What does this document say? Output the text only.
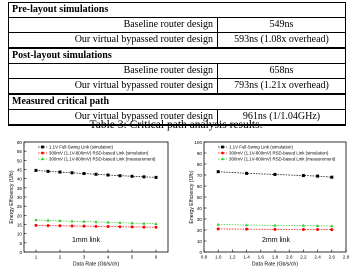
Pre-layout simulations	
Baseline router design	549ns
Our virtual bypassed router design	593ns (1.08x overhead)
Post-layout simulations	
Baseline router design	658ns
Our virtual bypassed router design	793ns (1.21x overhead)
Measured critical path	
Our virtual bypassed router design	961ns (1/1.04GHz)
Table 3: Critical path analysis results.
0
5
10
15
20
25
30
35
40
45
50
55
60
1	2	3	4	5	6
Data Rate (Gb/s/ch)
Energy Efficiency (fJ/b)
1.1V Full-Swing Link (simulation)
300mV (1.1V-800mV) RSD-based Link (simulation)
300mV (1.1V-800mV) RSD-based Link (measurement)
1mm link
0
10
20
30
40
50
60
70
80
90
100
0.8 1.0 1.2 1.4 1.6 1.8 2.0 2.2 2.4 2.6 2.8
Data Rate (Gb/s/ch)
Energy Efficiency (fJ/b)
1.1V Full-Swing Link (simulation)
300mV (1.1V-800mV) RSD-based Link (simulation)
300mV (1.1V-800mV) RSD-based Link (measurement)
2mm link
